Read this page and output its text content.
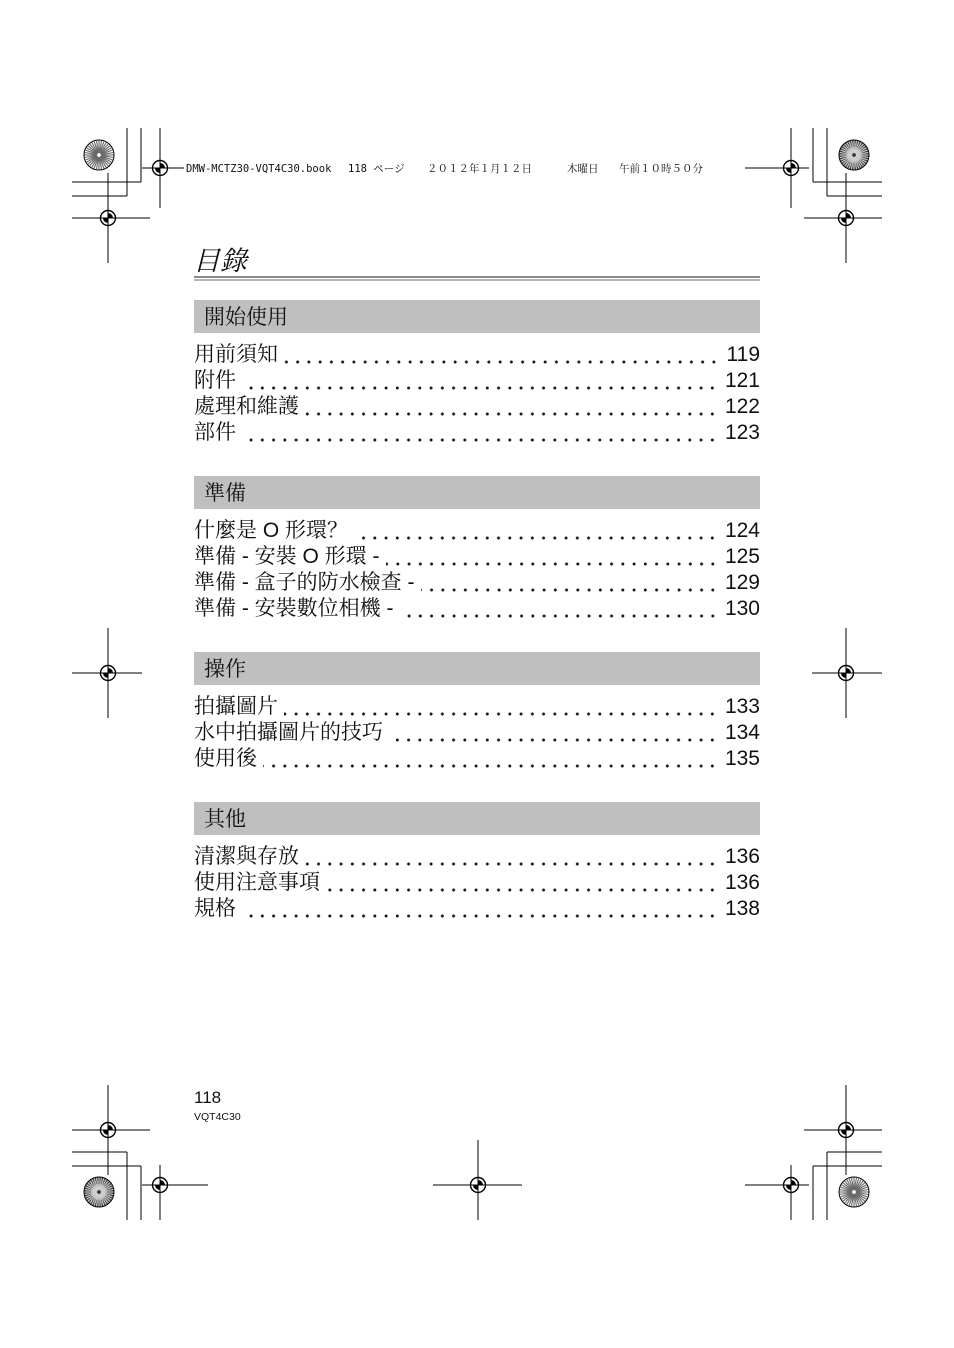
DMW-MCTZ30-VQT4C30.book 118 ページ ２０１２年１月１２日	木曜日 午前１０時５０分
目錄
開始使用
用前須知	119
附件	121
處理和維護	122
部件	123
準備
什麼是 O 形環？	124
準備 - 安裝 O 形環 -	125
準備 - 盒子的防水檢查 -	129
準備 - 安裝數位相機 -	130
操作
拍攝圖片	133
水中拍攝圖片的技巧	134
使用後	135
其他
清潔與存放	136
使用注意事項	136
規格	138
118
VQT4C30
